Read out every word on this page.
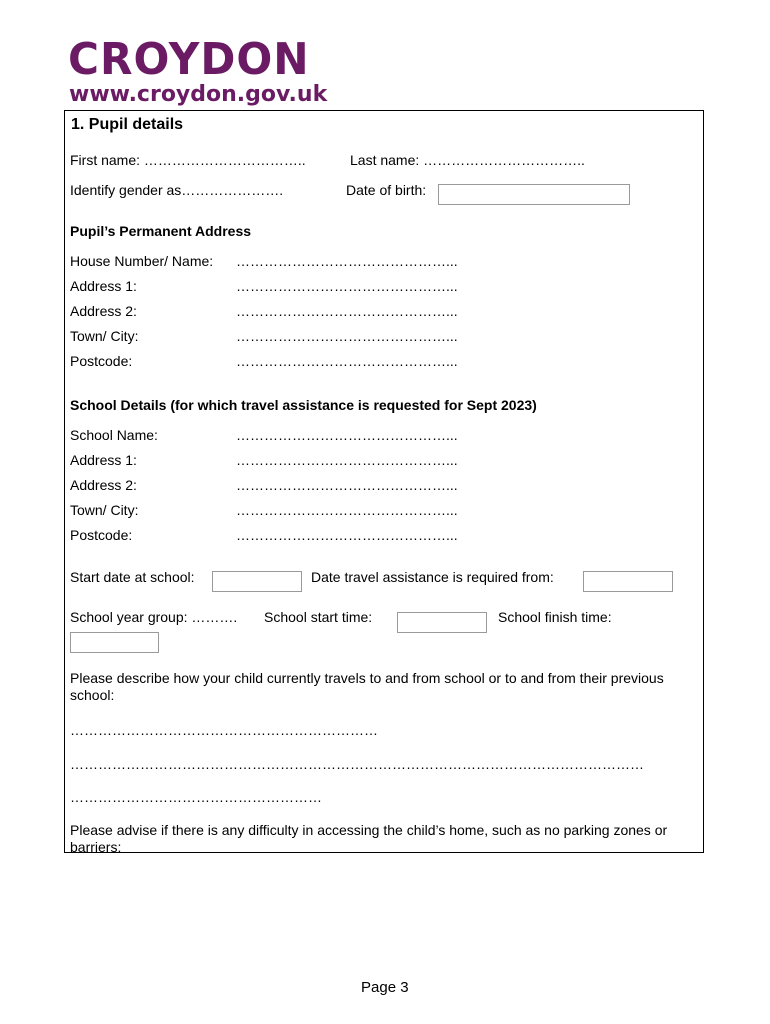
CROYDON
www.croydon.gov.uk
1. Pupil details
First name: ……………………………..	Last name: ……………………………..
Identify gender as………………….	Date of birth:
Pupil’s Permanent Address
House Number/ Name: ………………………………………...
Address 1:	………………………………………...
Address 2:	………………………………………...
Town/ City:	………………………………………...
Postcode:	………………………………………...
School Details (for which travel assistance is requested for Sept 2023)
School Name:	………………………………………...
Address 1:	………………………………………...
Address 2:	………………………………………...
Town/ City:	………………………………………...
Postcode:	………………………………………...
Start date at school:	Date travel assistance is required from:
School year group: ………. School start time:	School finish time:
Please describe how your child currently travels to and from school or to and from their previous school:
…………………………………………………………
……………………………………………………………………………………………………………
………………………………………………
Please advise if there is any difficulty in accessing the child’s home, such as no parking zones or barriers:
Page 3
